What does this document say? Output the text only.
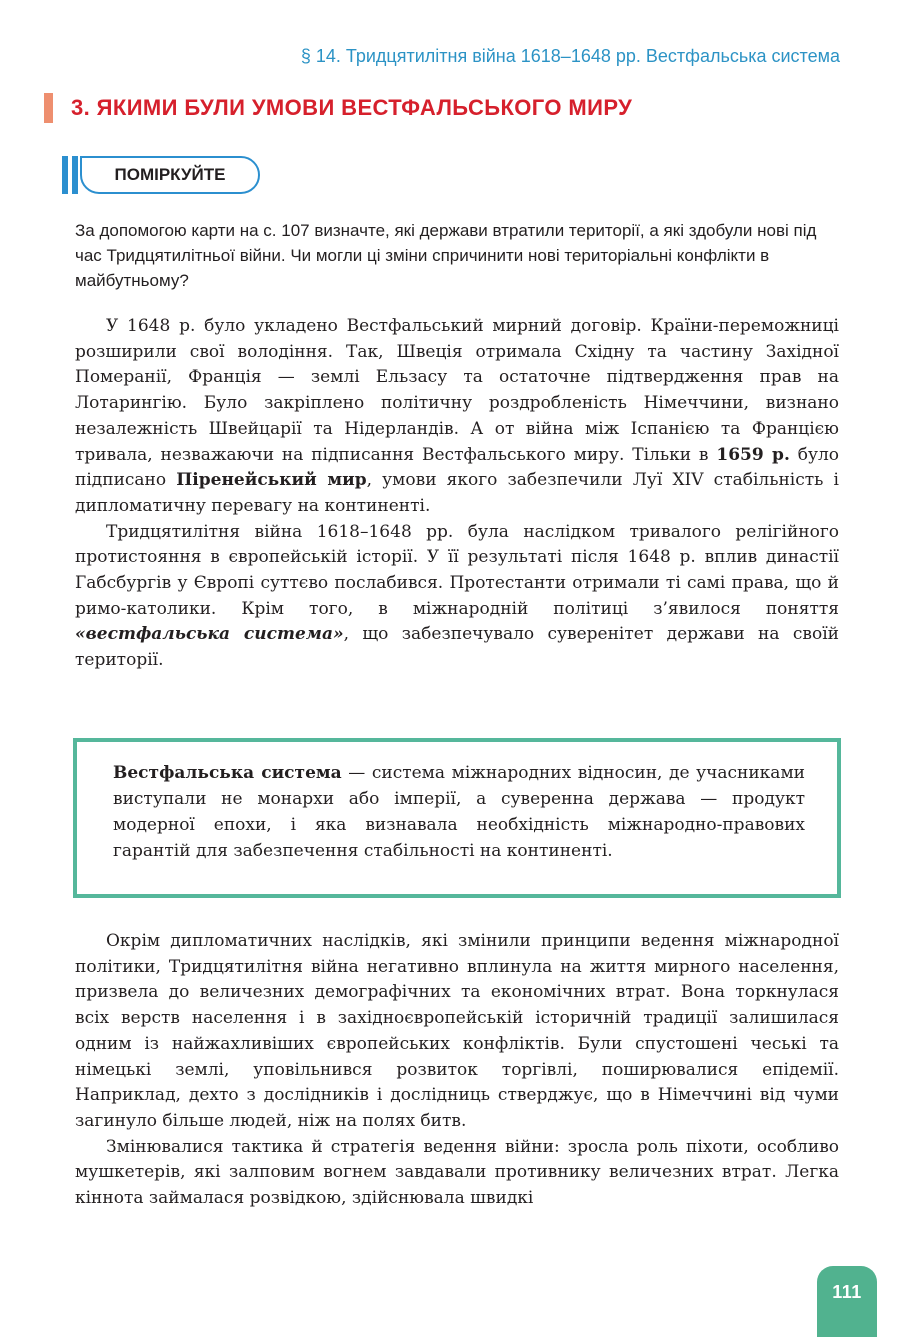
§ 14. Тридцятилітня війна 1618–1648 рр. Вестфальська система
3. ЯКИМИ БУЛИ УМОВИ ВЕСТФАЛЬСЬКОГО МИРУ
ПОМІРКУЙТЕ

За допомогою карти на с. 107 визначте, які держави втратили території, а які здобули нові під час Тридцятилітньої війни. Чи могли ці зміни спричинити нові територіальні конфлікти в майбутньому?

У 1648 р. було укладено Вестфальський мирний договір. Країни-переможниці розширили свої володіння. Так, Швеція отримала Східну та частину Західної Померанії, Франція — землі Ельзасу та остаточне підтвердження прав на Лотарингію. Було закріплено політичну роздробленість Німеччини, визнано незалежність Швейцарії та Нідерландів. А от війна між Іспанією та Францією тривала, незважаючи на підписання Вестфальського миру. Тільки в 1659 р. було підписано Піренейський мир, умови якого забезпечили Луї XIV стабільність і дипломатичну перевагу на континенті.

Тридцятилітня війна 1618–1648 рр. була наслідком тривалого релігійного протистояння в європейській історії. У її результаті після 1648 р. вплив династії Габсбургів у Європі суттєво послабився. Протестанти отримали ті самі права, що й римо-католики. Крім того, в міжнародній політиці з’явилося поняття «вестфальська система», що забезпечувало суверенітет держави на своїй території.

Вестфальська система — система міжнародних відносин, де учасниками виступали не монархи або імперії, а суверенна держава — продукт модерної епохи, і яка визнавала необхідність міжнародно-правових гарантій для забезпечення стабільності на континенті.

Окрім дипломатичних наслідків, які змінили принципи ведення міжнародної політики, Тридцятилітня війна негативно вплинула на життя мирного населення, призвела до величезних демографічних та економічних втрат. Вона торкнулася всіх верств населення і в західноєвропейській історичній традиції залишилася одним із найжахливіших європейських конфліктів. Були спустошені чеські та німецькі землі, уповільнився розвиток торгівлі, поширювалися епідемії. Наприклад, дехто з дослідників і дослідниць стверджує, що в Німеччині від чуми загинуло більше людей, ніж на полях битв.

Змінювалися тактика й стратегія ведення війни: зросла роль піхоти, особливо мушкетерів, які залповим вогнем завдавали противнику величезних втрат. Легка кіннота займалася розвідкою, здійснювала швидкі

111
